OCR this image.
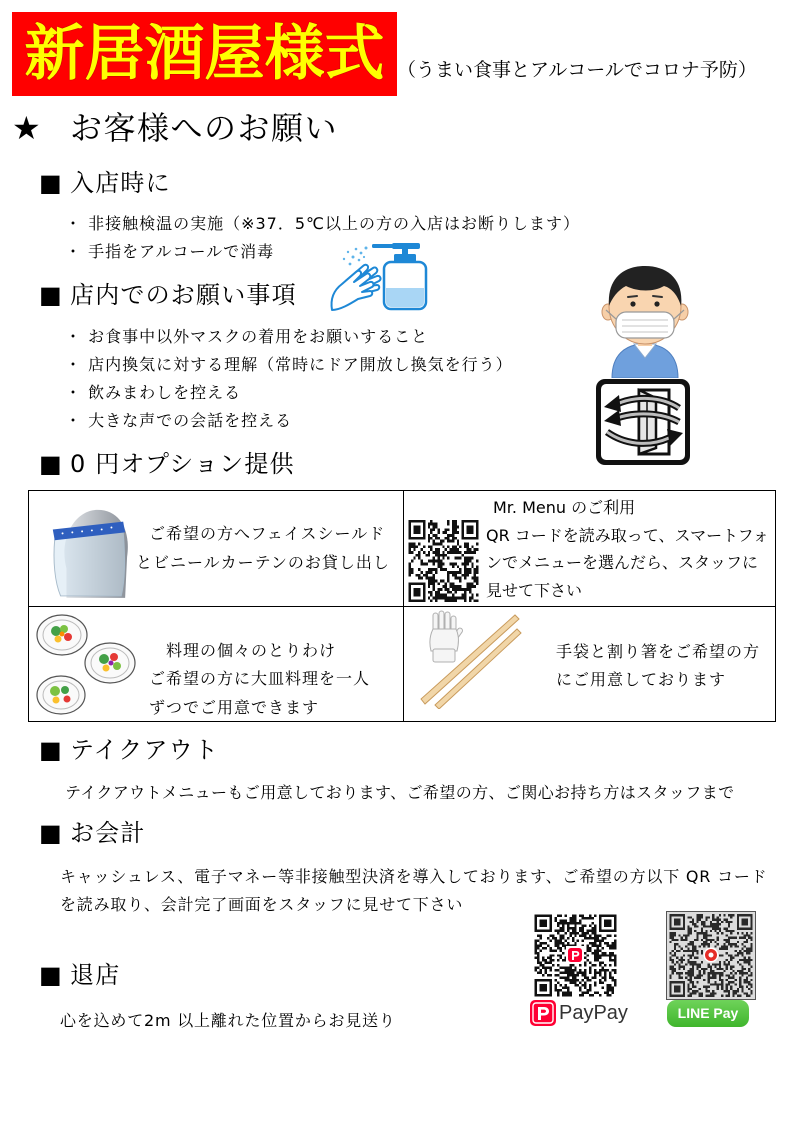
新居酒屋様式 （うまい食事とアルコールでコロナ予防）
★ お客様へのお願い
■ 入店時に
・ 非接触検温の実施（※37．5℃以上の方の入店はお断りします）
・ 手指をアルコールで消毒
■ 店内でのお願い事項
・ お食事中以外マスクの着用をお願いすること
・ 店内換気に対する理解（常時にドア開放し換気を行う）
・ 飲みまわしを控える
・ 大きな声での会話を控える
■ 0 円オプション提供
ご希望の方へフェイスシールド
とビニールカーテンのお貸し出し
Mr. Menu のご利用
QR コードを読み取って、スマートフォ
ンでメニューを選んだら、スタッフに
見せて下さい
料理の個々のとりわけ
ご希望の方に大皿料理を一人
ずつでご用意できます
手袋と割り箸をご希望の方
にご用意しております
■ テイクアウト
テイクアウトメニューもご用意しております、ご希望の方、ご関心お持ち方はスタッフまで
■ お会計
キャッシュレス、電子マネー等非接触型決済を導入しております、ご希望の方以下 QR コード
を読み取り、会計完了画面をスタッフに見せて下さい
PayPay	LINE Pay
■ 退店
心を込めて2m 以上離れた位置からお見送り
